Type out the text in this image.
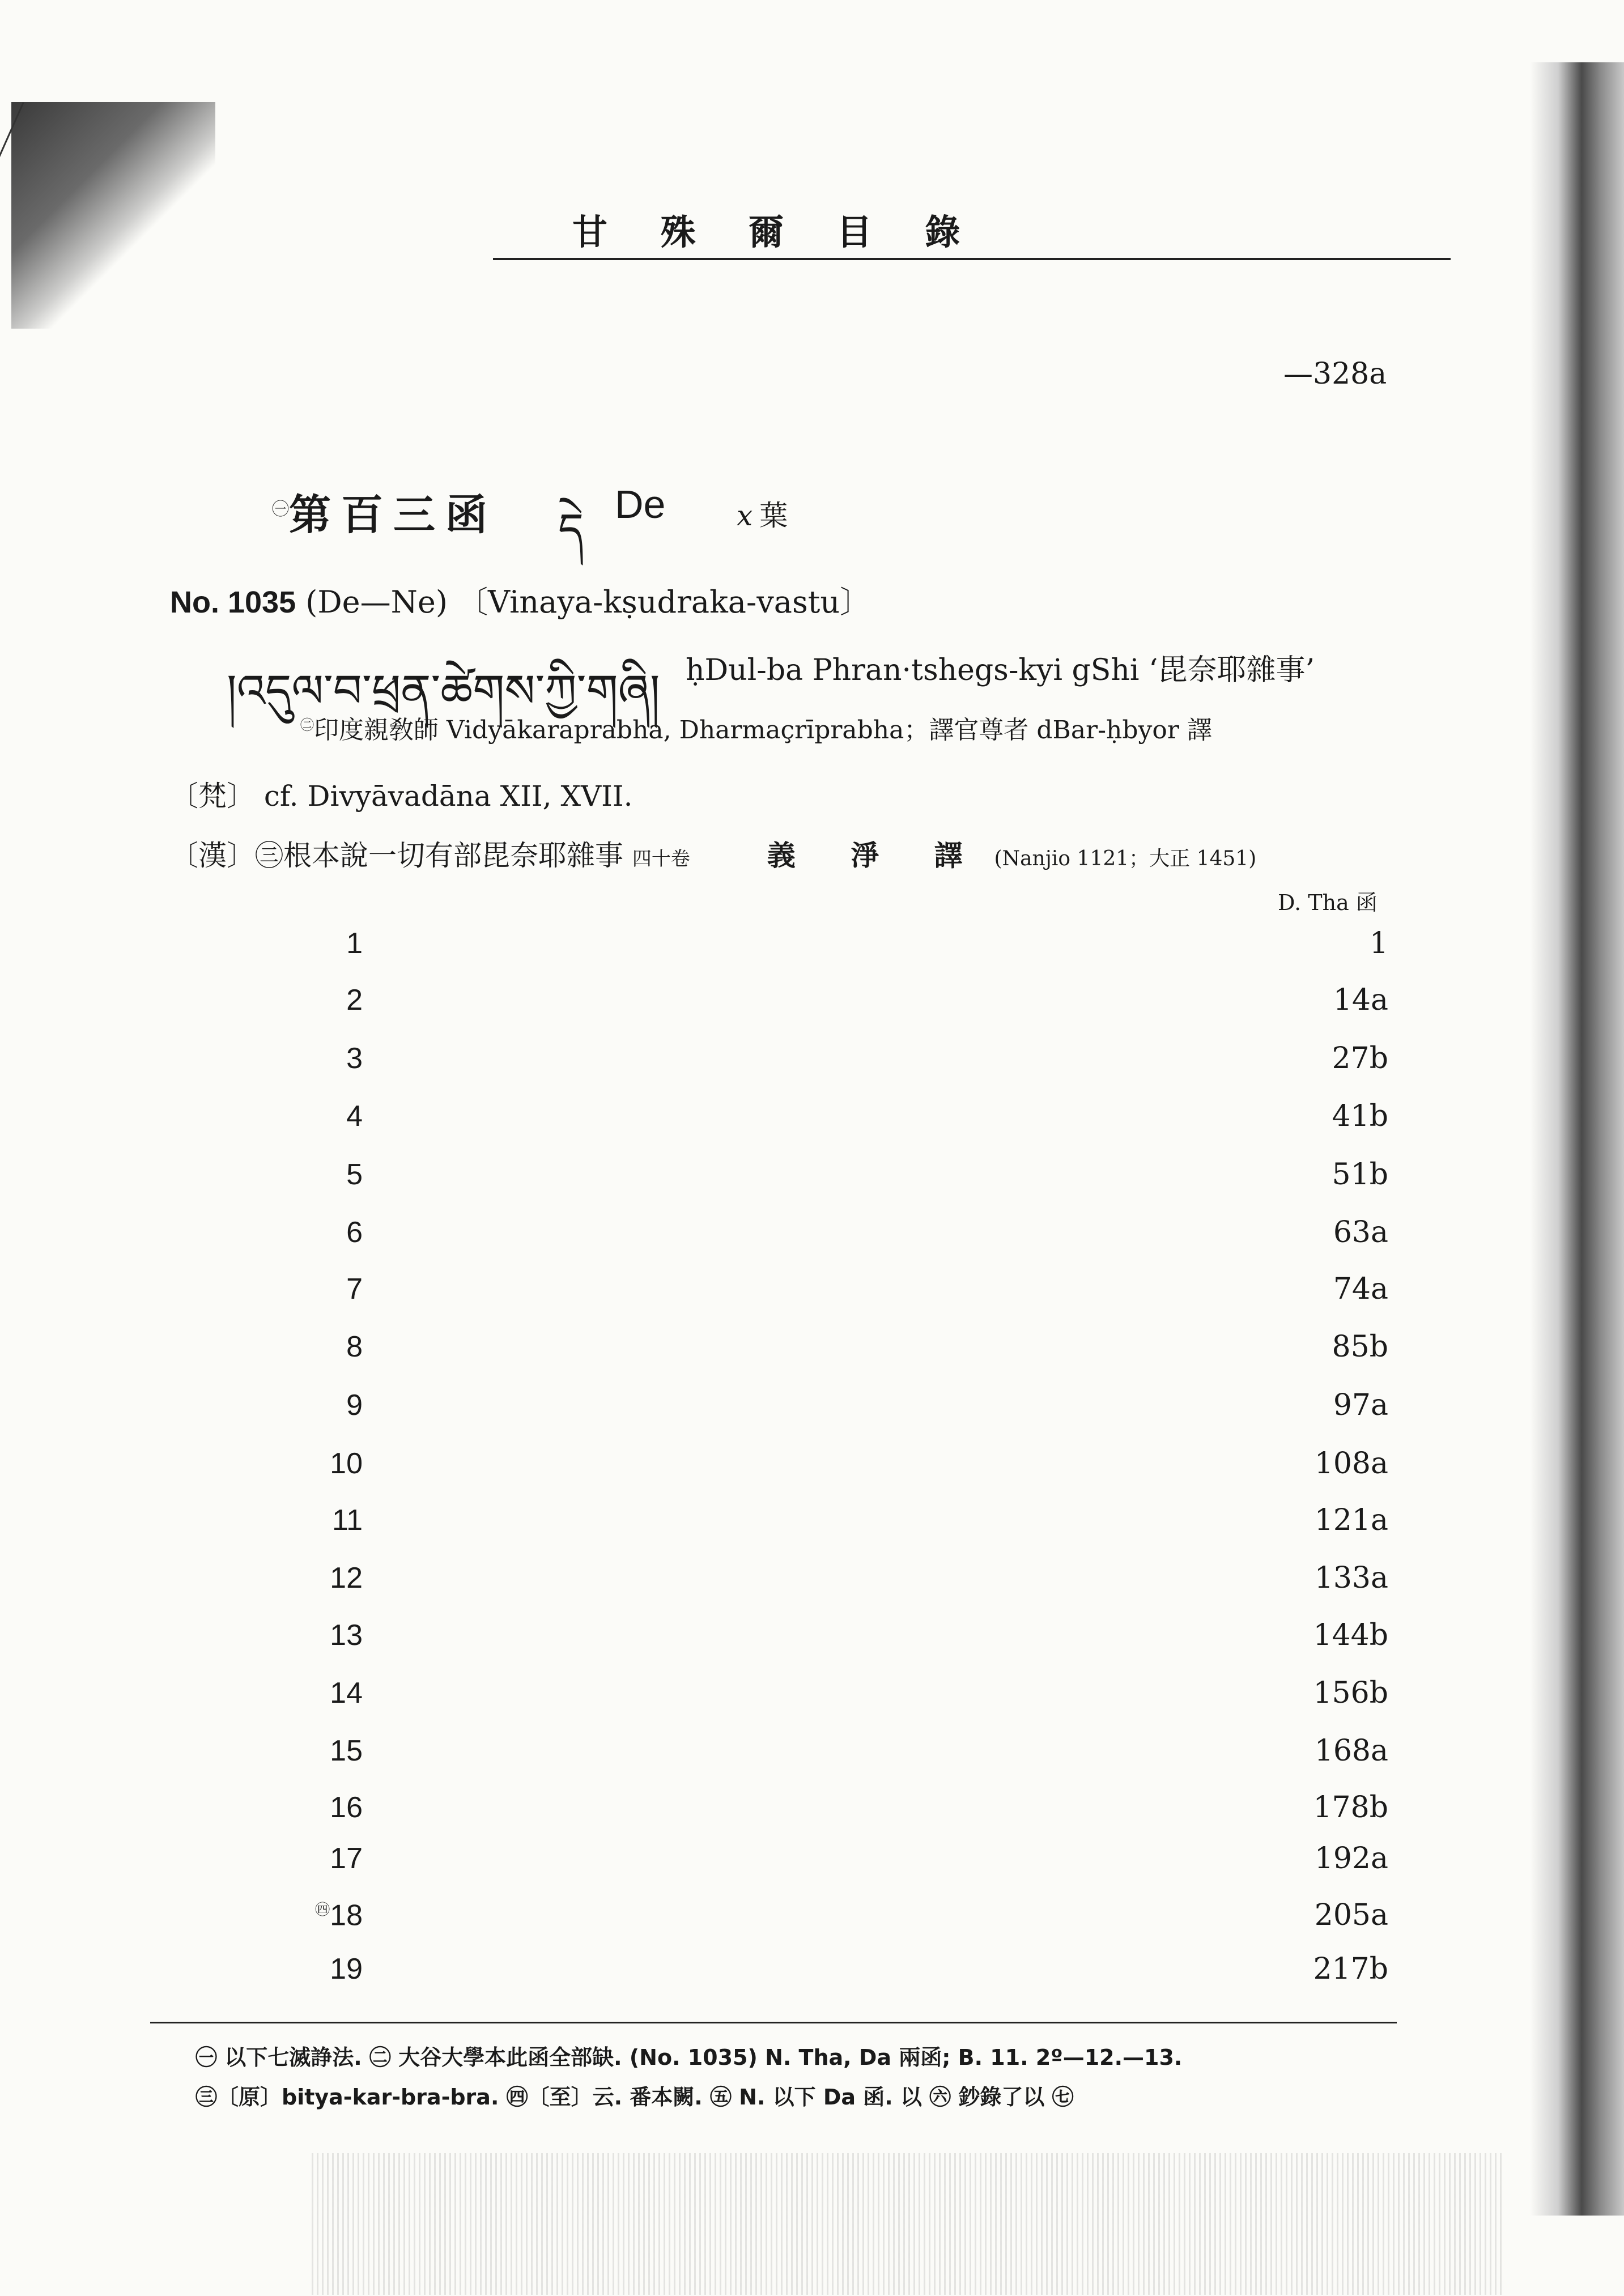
甘 殊 爾 目 錄
—328a
$^㊀$第百三函 དེ De	x 葉
No. 1035 (De—Ne) 〔Vinaya-kṣudraka-vastu〕
།འདུལ་བ་ཕྲན་ཚེགས་ཀྱི་གཞི། ḥDul-ba Phran·tshegs-kyi gShi ‘毘奈耶雜事’
$^㊁$印度親敎師 Vidyākaraprabha, Dharmaçrīprabha；譯官尊者 dBar-ḥbyor 譯
〔梵〕 cf. Divyāvadāna XII, XVII.
〔漢〕㊂根本說一切有部毘奈耶雜事 四十卷	義 淨 譯 (Nanjio 1121；大正 1451)
D. Tha 函
1	1
2	14a
3	27b
4	41b
5	51b
6	63a
7	74a
8	85b
9	97a
10	108a
11	121a
12	133a
13	144b
14	156b
15	168a
16	178b
17	192a
$^㊃$18	205a
19	217b
㊀ 以下七滅諍法. ㊁ 大谷大學本此函全部缺. (No. 1035) N. Tha, Da 兩函; B. 11. 2º—12.—13.
㊂〔原〕bitya-kar-bra-bra. ㊃〔至〕云. 番本闕. ㊄ N. 以下 Da 函. 以 ㊅ 鈔錄了以 ㊆
